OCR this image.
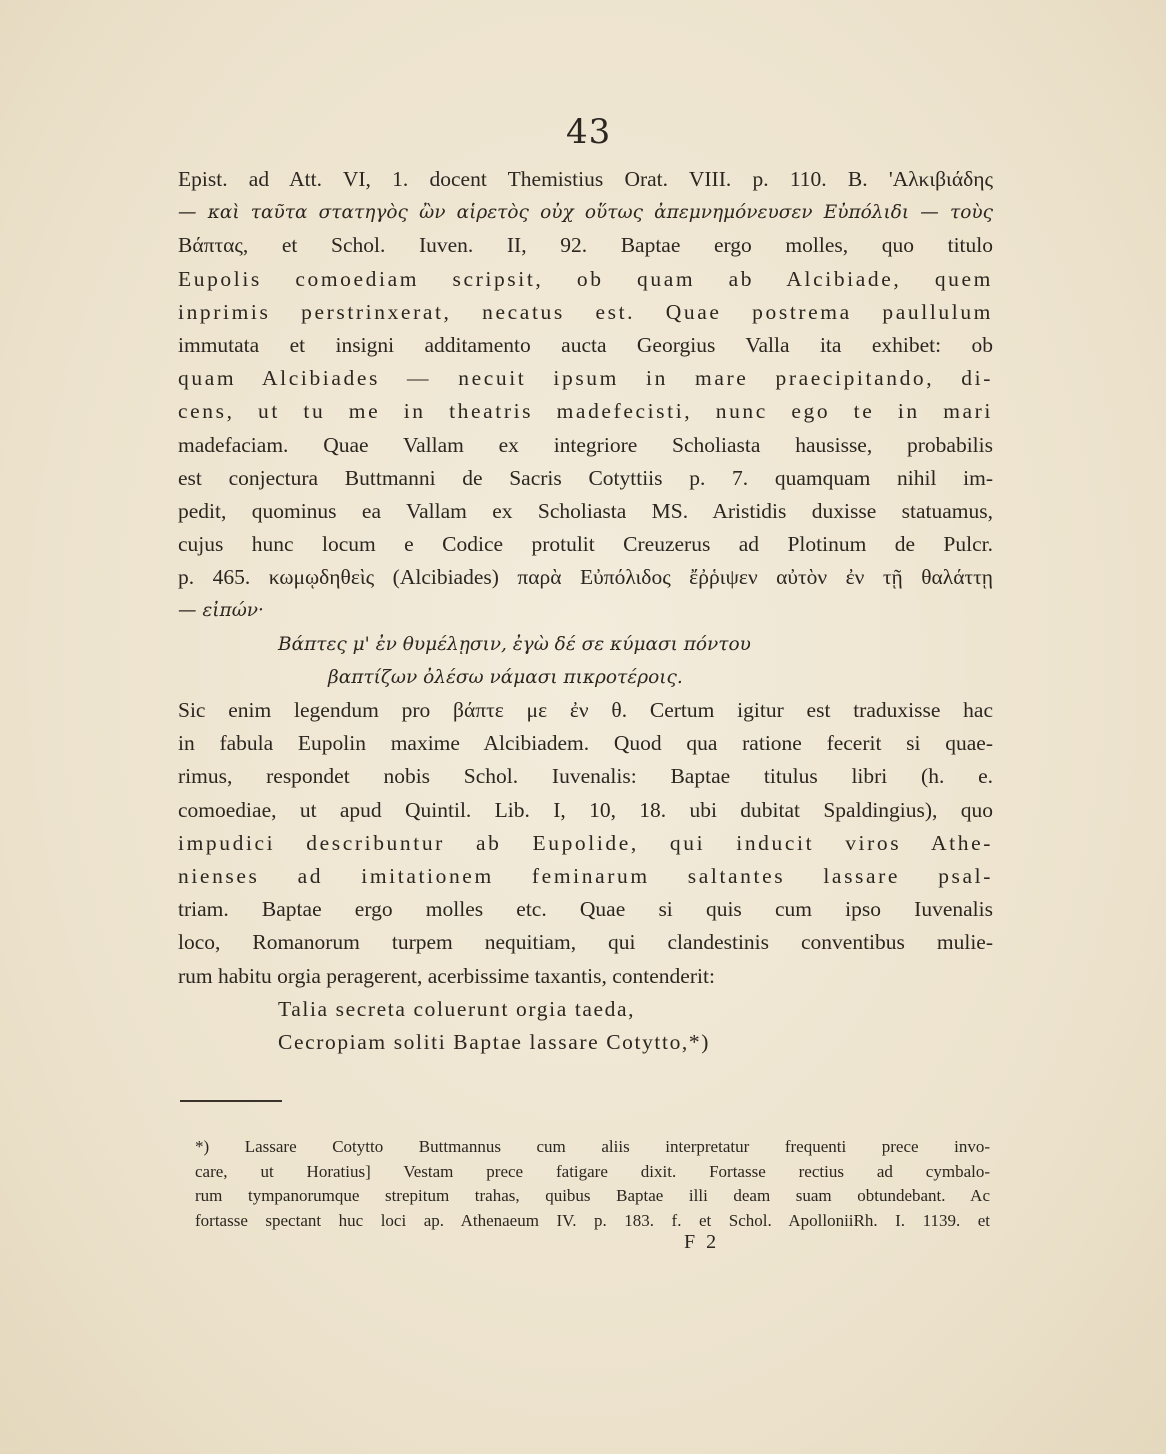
43
Epist. ad Att. VI, 1. docent Themistius Orat. VIII. p. 110. B. 'Αλκιβιάδης
— καὶ ταῦτα στατηγὸς ὢν αἱρετὸς οὐχ οὕτως ἀπεμνημόνευσεν Εὐπόλιδι — τοὺς
Βάπτας, et Schol. Iuven. II, 92. Baptae ergo molles, quo titulo
Eupolis comoediam scripsit, ob quam ab Alcibiade, quem
inprimis perstrinxerat, necatus est. Quae postrema paullulum
immutata et insigni additamento aucta Georgius Valla ita exhibet: ob
quam Alcibiades — necuit ipsum in mare praecipitando, di-
cens, ut tu me in theatris madefecisti, nunc ego te in mari
madefaciam. Quae Vallam ex integriore Scholiasta hausisse, probabilis
est conjectura Buttmanni de Sacris Cotyttiis p. 7. quamquam nihil im-
pedit, quominus ea Vallam ex Scholiasta MS. Aristidis duxisse statuamus,
cujus hunc locum e Codice protulit Creuzerus ad Plotinum de Pulcr.
p. 465. κωμῳδηθεὶς (Alcibiades) παρὰ Εὐπόλιδος ἔῤῥιψεν αὐτὸν ἐν τῇ θαλάττῃ
— εἰπών·
Βάπτες μ' ἐν θυμέλῃσιν, ἐγὼ δέ σε κύμασι πόντου
βαπτίζων ὀλέσω νάμασι πικροτέροις.
Sic enim legendum pro βάπτε με ἐν θ. Certum igitur est traduxisse hac
in fabula Eupolin maxime Alcibiadem. Quod qua ratione fecerit si quae-
rimus, respondet nobis Schol. Iuvenalis: Baptae titulus libri (h. e.
comoediae, ut apud Quintil. Lib. I, 10, 18. ubi dubitat Spaldingius), quo
impudici describuntur ab Eupolide, qui inducit viros Athe-
nienses ad imitationem feminarum saltantes lassare psal-
triam. Baptae ergo molles etc. Quae si quis cum ipso Iuvenalis
loco, Romanorum turpem nequitiam, qui clandestinis conventibus mulie-
rum habitu orgia peragerent, acerbissime taxantis, contenderit:
Talia secreta coluerunt orgia taeda,
Cecropiam soliti Baptae lassare Cotytto,*)
*) Lassare Cotytto Buttmannus cum aliis interpretatur frequenti prece invo-
care, ut Horatius] Vestam prece fatigare dixit. Fortasse rectius ad cymbalo-
rum tympanorumque strepitum trahas, quibus Baptae illi deam suam obtundebant. Ac
fortasse spectant huc loci ap. Athenaeum IV. p. 183. f. et Schol. ApolloniiRh. I. 1139. et
F 2
